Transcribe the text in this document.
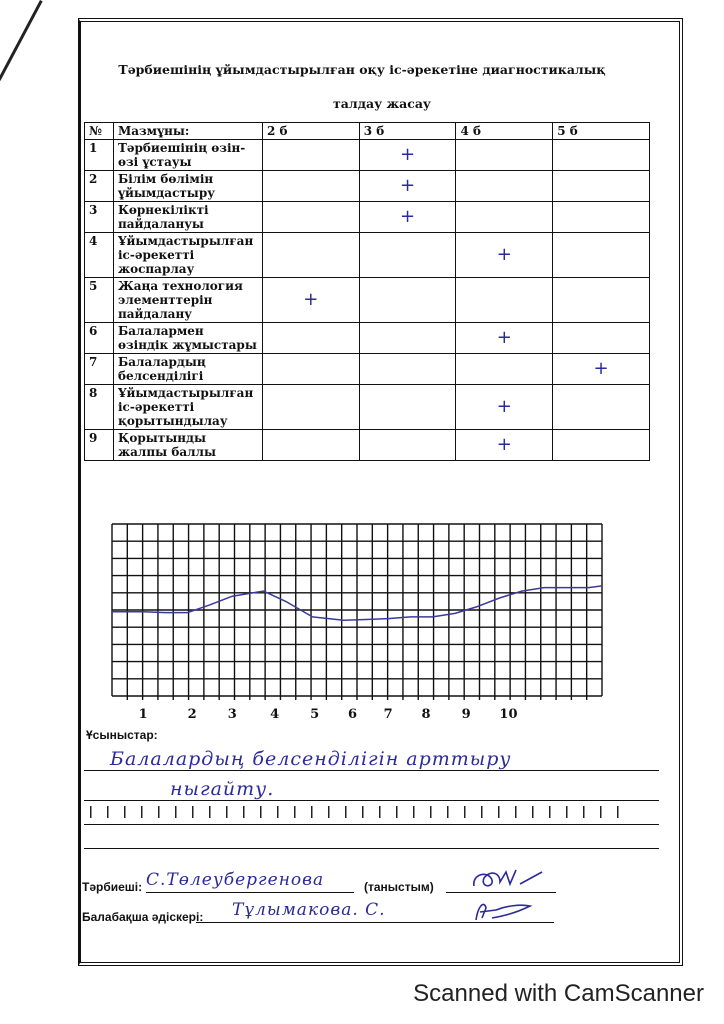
Тәрбиешінің ұйымдастырылған оқу іс-әрекетіне диагностикалық
талдау жасау
№	Мазмұны:	2 б	3 б	4 б	5 б
1	Тәрбиешінің өзін-өзі ұстауы		+		

2	Білім бөлімін ұйымдастыру		+		

3	Көрнекілікті пайдалануы		+		

4	Ұйымдастырылған іс-әрекетті жоспарлау			+	

5	Жаңа технология элементтерін пайдалану	+			

6	Балалармен өзіндік жұмыстары			+	

7	Балалардың белсенділігі				+

8	Ұйымдастырылған іс-әрекетті қорытындылау			+	

9	Қорытынды жалпы баллы			+	

1	2 3	4 5 6 7 8 9 10
Ұсыныстар:
Балалардың белсенділігін арттыру
ныгайту.
Тәрбиеші: С.Төлеубергенова	(таныстым)
Балабақша әдіскері: Тұлымакова. С.
Scanned with CamScanner
